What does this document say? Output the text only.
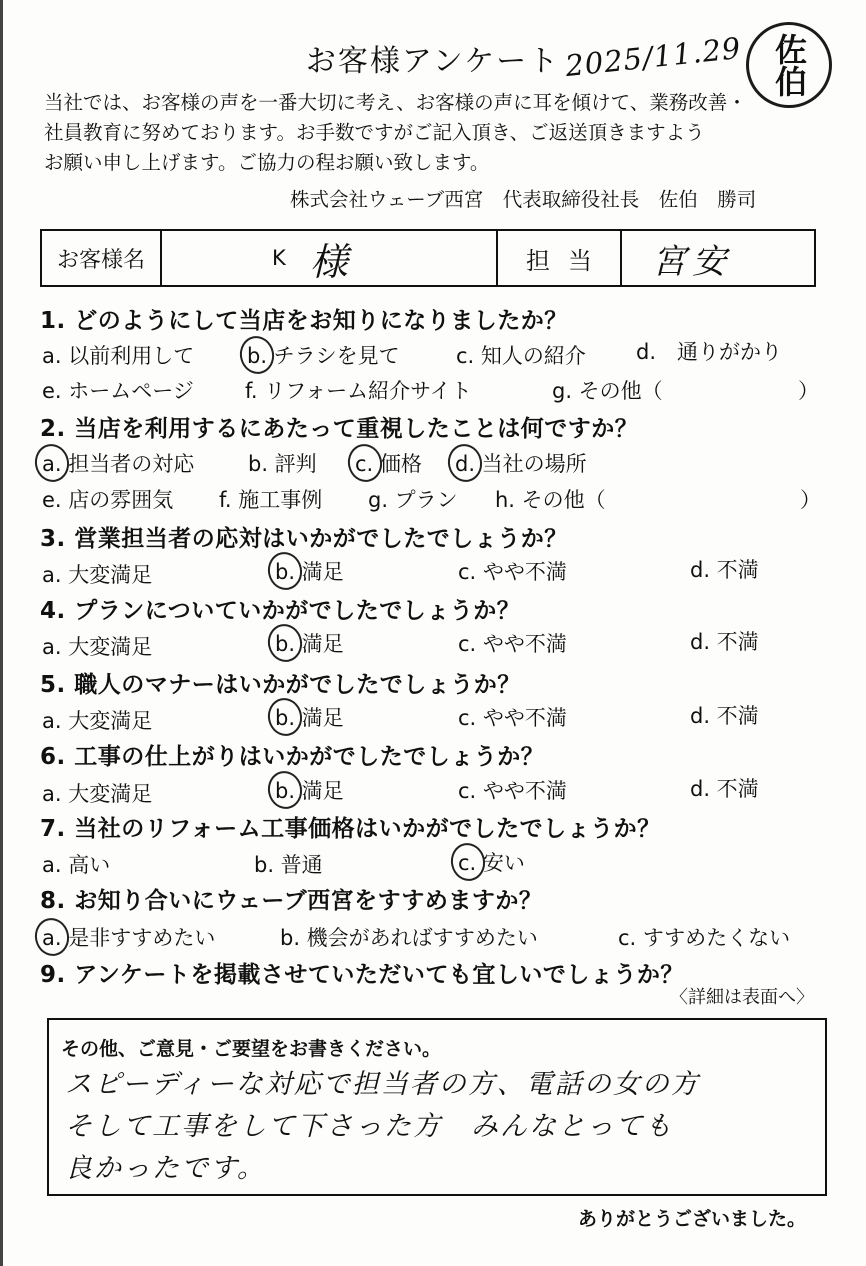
お客様アンケート 2025/11.29 佐伯

当社では、お客様の声を一番大切に考え、お客様の声に耳を傾けて、業務改善・

社員教育に努めております。お手数ですがご記入頂き、ご返送頂きますよう

お願い申し上げます。ご協力の程お願い致します。

株式会社ウェーブ西宮　代表取締役社長　佐伯　勝司
お客様名	K 様	担当	宮安
1. どのようにして当店をお知りになりましたか？
a. 以前利用して	b. チラシを見て	c. 知人の紹介 d.　通りがかり
e. ホームページ f. リフォーム紹介サイト	g. その他（	）
2. 当店を利用するにあたって重視したことは何ですか？
a. 担当者の対応	b. 評判 c. 価格 d. 当社の場所
e. 店の雰囲気 f. 施工事例 g. プラン h. その他（	）
3. 営業担当者の応対はいかがでしたでしょうか？
a. 大変満足	b. 満足	c. やや不満	d. 不満
4. プランについていかがでしたでしょうか？
a. 大変満足	b. 満足	c. やや不満	d. 不満
5. 職人のマナーはいかがでしたでしょうか？
a. 大変満足	b. 満足	c. やや不満	d. 不満
6. 工事の仕上がりはいかがでしたでしょうか？
a. 大変満足	b. 満足	c. やや不満	d. 不満
7. 当社のリフォーム工事価格はいかがでしたでしょうか？
a. 高い	b. 普通	c. 安い
8. お知り合いにウェーブ西宮をすすめますか？
a. 是非すすめたい	b. 機会があればすすめたい	c. すすめたくない
9. アンケートを掲載させていただいても宜しいでしょうか？
〈詳細は表面へ〉
その他、ご意見・ご要望をお書きください。
スピーディーな対応で担当者の方、電話の女の方
そして工事をして下さった方　みんなとっても
良かったです。
ありがとうございました。
